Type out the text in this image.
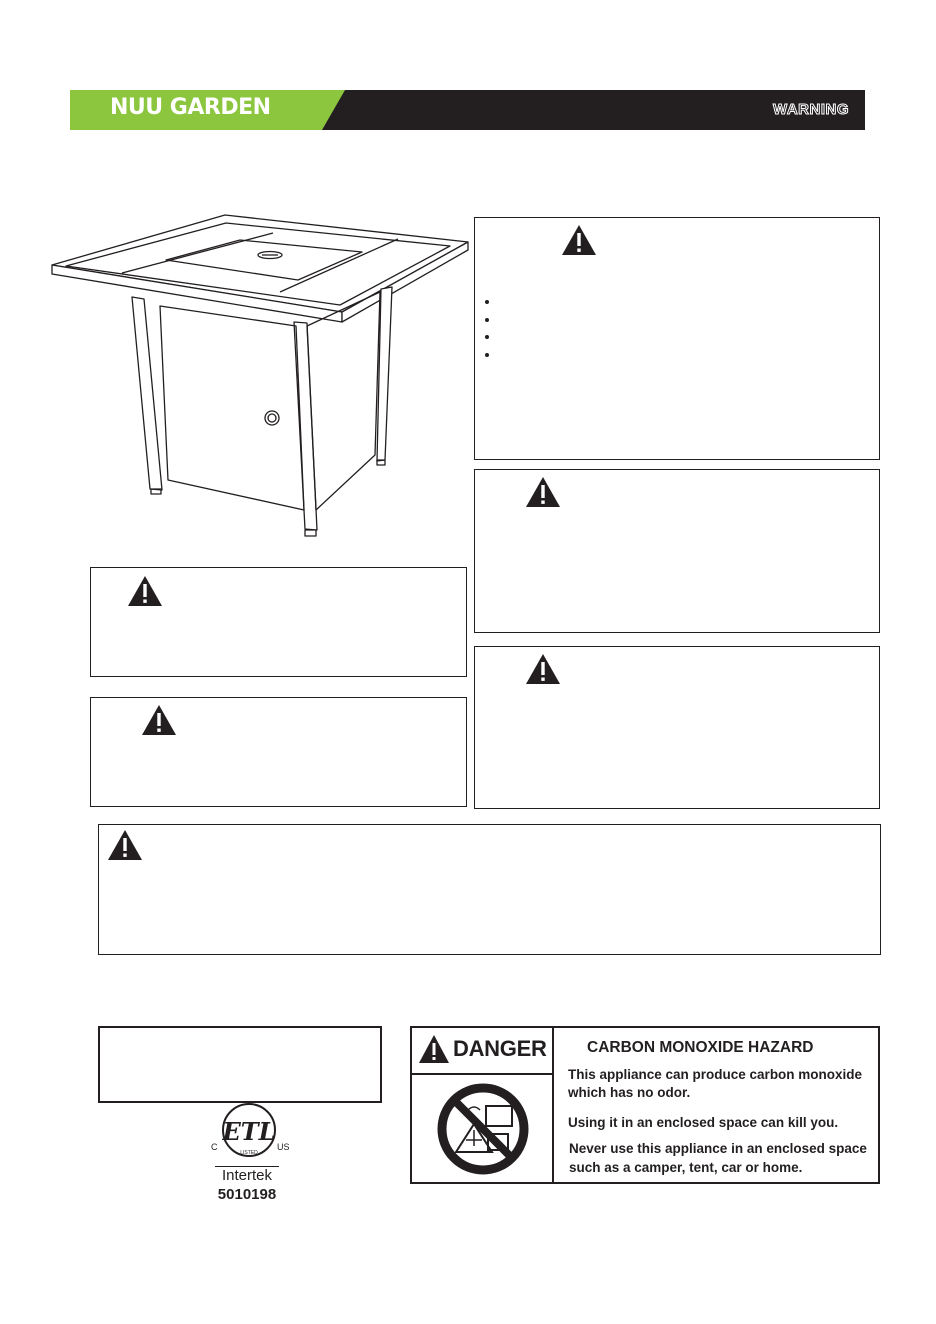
NUU GARDEN	WARNING
ETL
C	US
LISTED
Intertek
5010198
DANGER	CARBON MONOXIDE HAZARD
This appliance can produce carbon monoxide
which has no odor.
Using it in an enclosed space can kill you.
Never use this appliance in an enclosed space
such as a camper, tent, car or home.
